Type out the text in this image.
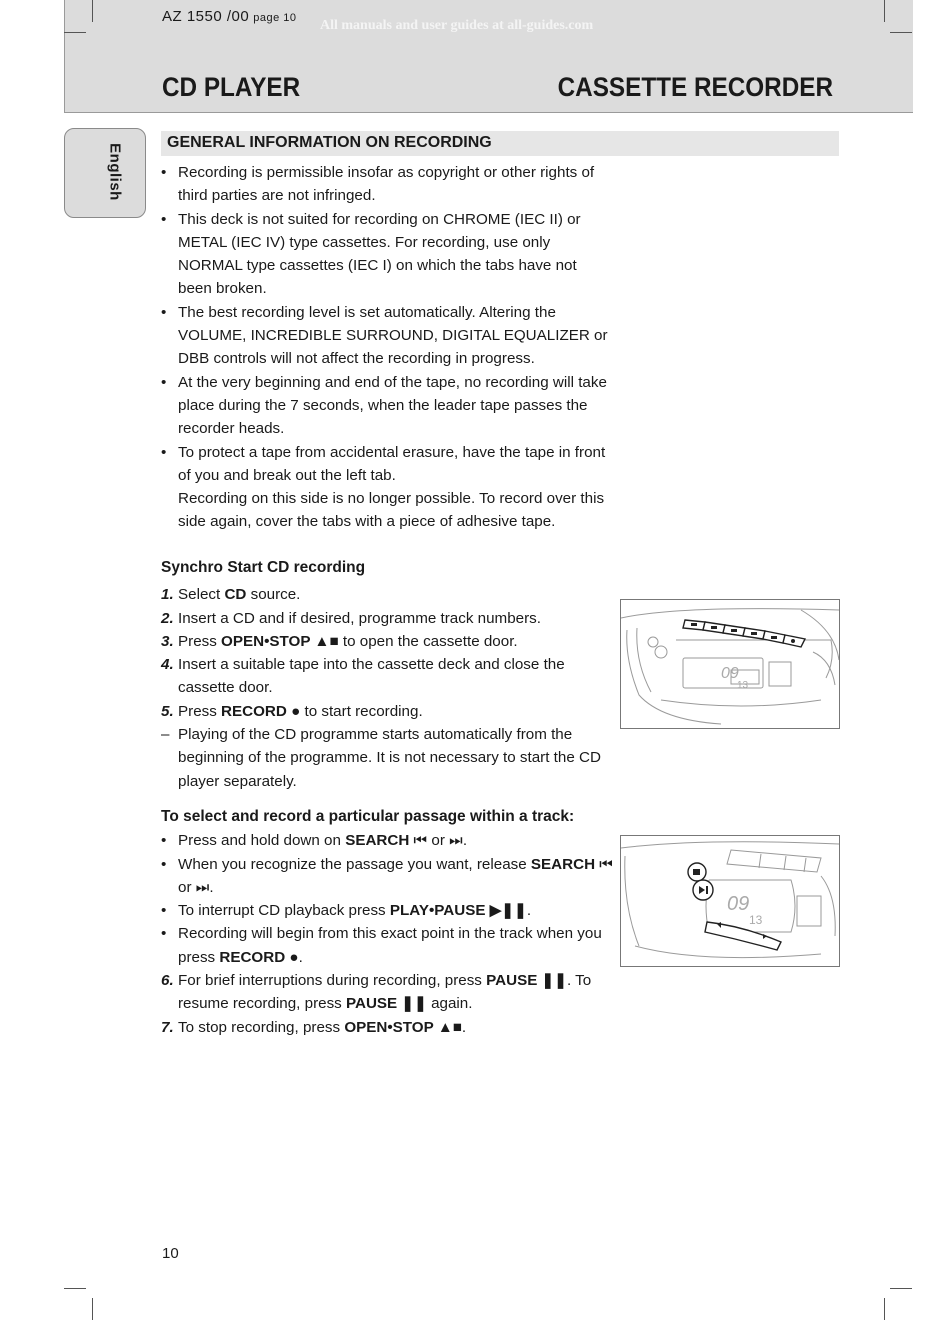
AZ 1550 /00 page 10 All manuals and user guides at all-guides.com
CD PLAYER	CASSETTE RECORDER
English
GENERAL INFORMATION ON RECORDING

• Recording is permissible insofar as copyright or other rights of third parties are not infringed.

• This deck is not suited for recording on CHROME (IEC II) or METAL (IEC IV) type cassettes. For recording, use only NORMAL type cassettes (IEC I) on which the tabs have not been broken.

• The best recording level is set automatically. Altering the VOLUME, INCREDIBLE SURROUND, DIGITAL EQUALIZER or DBB controls will not affect the recording in progress.

• At the very beginning and end of the tape, no recording will take place during the 7 seconds, when the leader tape passes the recorder heads.

• To protect a tape from accidental erasure, have the tape in front of you and break out the left tab.

Recording on this side is no longer possible. To record over this side again, cover the tabs with a piece of adhesive tape.

Synchro Start CD recording

1. Select CD source.

2. Insert a CD and if desired, programme track numbers.

3. Press OPEN•STOP ▲■ to open the cassette door.

4. Insert a suitable tape into the cassette deck and close the cassette door.

5. Press RECORD ● to start recording.

– Playing of the CD programme starts automatically from the beginning of the programme. It is not necessary to start the CD player separately.

To select and record a particular passage within a track:

• Press and hold down on SEARCH ⏮ or ⏭.

• When you recognize the passage you want, release SEARCH ⏮ or ⏭.

• To interrupt CD playback press PLAY•PAUSE ▶❚❚.

• Recording will begin from this exact point in the track when you press RECORD ●.

6. For brief interruptions during recording, press PAUSE ❚❚. To resume recording, press PAUSE ❚❚ again.

7. To stop recording, press OPEN•STOP ▲■.

09
13
09
13
10
